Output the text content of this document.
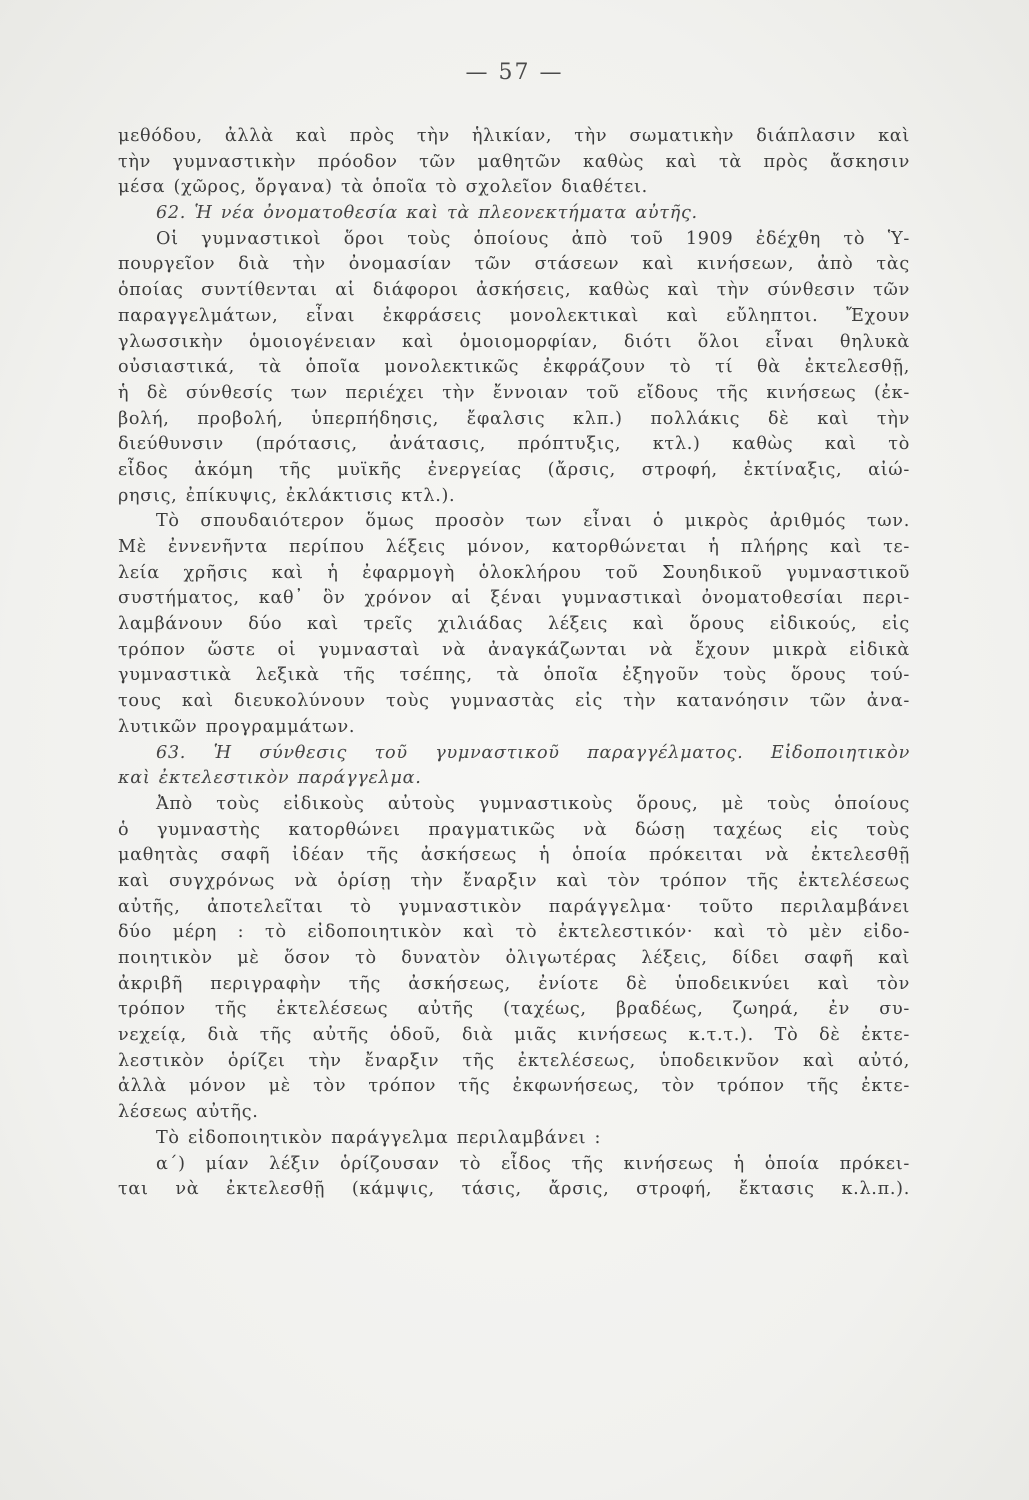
— 57 —
μεθόδου, ἀλλὰ καὶ πρὸς τὴν ἡλικίαν, τὴν σωματικὴν διάπλασιν καὶ
τὴν γυμναστικὴν πρόοδον τῶν μαθητῶν καθὼς καὶ τὰ πρὸς ἄσκησιν
μέσα (χῶρος, ὄργανα) τὰ ὁποῖα τὸ σχολεῖον διαθέτει.
62. Ἡ νέα ὀνοματοθεσία καὶ τὰ πλεονεκτήματα αὐτῆς.
Οἱ γυμναστικοὶ ὅροι τοὺς ὁποίους ἀπὸ τοῦ 1909 ἐδέχθη τὸ Ὑ-
πουργεῖον διὰ τὴν ὀνομασίαν τῶν στάσεων καὶ κινήσεων, ἀπὸ τὰς
ὁποίας συντίθενται αἱ διάφοροι ἀσκήσεις, καθὼς καὶ τὴν σύνθεσιν τῶν
παραγγελμάτων, εἶναι ἐκφράσεις μονολεκτικαὶ καὶ εὔληπτοι. Ἔχουν
γλωσσικὴν ὁμοιογένειαν καὶ ὁμοιομορφίαν, διότι ὅλοι εἶναι θηλυκὰ
οὐσιαστικά, τὰ ὁποῖα μονολεκτικῶς ἐκφράζουν τὸ τί θὰ ἐκτελεσθῇ,
ἡ δὲ σύνθεσίς των περιέχει τὴν ἔννοιαν τοῦ εἴδους τῆς κινήσεως (ἐκ-
βολή, προβολή, ὑπερπήδησις, ἔφαλσις κλπ.) πολλάκις δὲ καὶ τὴν
διεύθυνσιν (πρότασις, ἀνάτασις, πρόπτυξις, κτλ.) καθὼς καὶ τὸ
εἶδος ἀκόμη τῆς μυϊκῆς ἐνεργείας (ἄρσις, στροφή, ἐκτίναξις, αἰώ-
ρησις, ἐπίκυψις, ἐκλάκτισις κτλ.).
Τὸ σπουδαιότερον ὅμως προσὸν των εἶναι ὁ μικρὸς ἀριθμός των.
Μὲ ἐννενῆντα περίπου λέξεις μόνον, κατορθώνεται ἡ πλήρης καὶ τε-
λεία χρῆσις καὶ ἡ ἐφαρμογὴ ὁλοκλήρου τοῦ Σουηδικοῦ γυμναστικοῦ
συστήματος, καθ᾽ ὃν χρόνον αἱ ξέναι γυμναστικαὶ ὀνοματοθεσίαι περι-
λαμβάνουν δύο καὶ τρεῖς χιλιάδας λέξεις καὶ ὅρους εἰδικούς, εἰς
τρόπον ὥστε οἱ γυμνασταὶ νὰ ἀναγκάζωνται νὰ ἔχουν μικρὰ εἰδικὰ
γυμναστικὰ λεξικὰ τῆς τσέπης, τὰ ὁποῖα ἐξηγοῦν τοὺς ὅρους τού-
τους καὶ διευκολύνουν τοὺς γυμναστὰς εἰς τὴν κατανόησιν τῶν ἀνα-
λυτικῶν προγραμμάτων.
63. Ἡ σύνθεσις τοῦ γυμναστικοῦ παραγγέλματος. Εἰδοποιητικὸν
καὶ ἐκτελεστικὸν παράγγελμα.
Ἀπὸ τοὺς εἰδικοὺς αὐτοὺς γυμναστικοὺς ὅρους, μὲ τοὺς ὁποίους
ὁ γυμναστὴς κατορθώνει πραγματικῶς νὰ δώσῃ ταχέως εἰς τοὺς
μαθητὰς σαφῆ ἰδέαν τῆς ἀσκήσεως ἡ ὁποία πρόκειται νὰ ἐκτελεσθῇ
καὶ συγχρόνως νὰ ὁρίσῃ τὴν ἔναρξιν καὶ τὸν τρόπον τῆς ἐκτελέσεως
αὐτῆς, ἀποτελεῖται τὸ γυμναστικὸν παράγγελμα· τοῦτο περιλαμβάνει
δύο μέρη : τὸ εἰδοποιητικὸν καὶ τὸ ἐκτελεστικόν· καὶ τὸ μὲν εἰδο-
ποιητικὸν μὲ ὅσον τὸ δυνατὸν ὀλιγωτέρας λέξεις, δίδει σαφῆ καὶ
ἀκριβῆ περιγραφὴν τῆς ἀσκήσεως, ἐνίοτε δὲ ὑποδεικνύει καὶ τὸν
τρόπον τῆς ἐκτελέσεως αὐτῆς (ταχέως, βραδέως, ζωηρά, ἐν συ-
νεχείᾳ, διὰ τῆς αὐτῆς ὁδοῦ, διὰ μιᾶς κινήσεως κ.τ.τ.). Τὸ δὲ ἐκτε-
λεστικὸν ὁρίζει τὴν ἔναρξιν τῆς ἐκτελέσεως, ὑποδεικνῦον καὶ αὐτό,
ἀλλὰ μόνον μὲ τὸν τρόπον τῆς ἐκφωνήσεως, τὸν τρόπον τῆς ἐκτε-
λέσεως αὐτῆς.
Τὸ εἰδοποιητικὸν παράγγελμα περιλαμβάνει :
α΄) μίαν λέξιν ὁρίζουσαν τὸ εἶδος τῆς κινήσεως ἡ ὁποία πρόκει-
ται νὰ ἐκτελεσθῇ (κάμψις, τάσις, ἄρσις, στροφή, ἔκτασις κ.λ.π.).
